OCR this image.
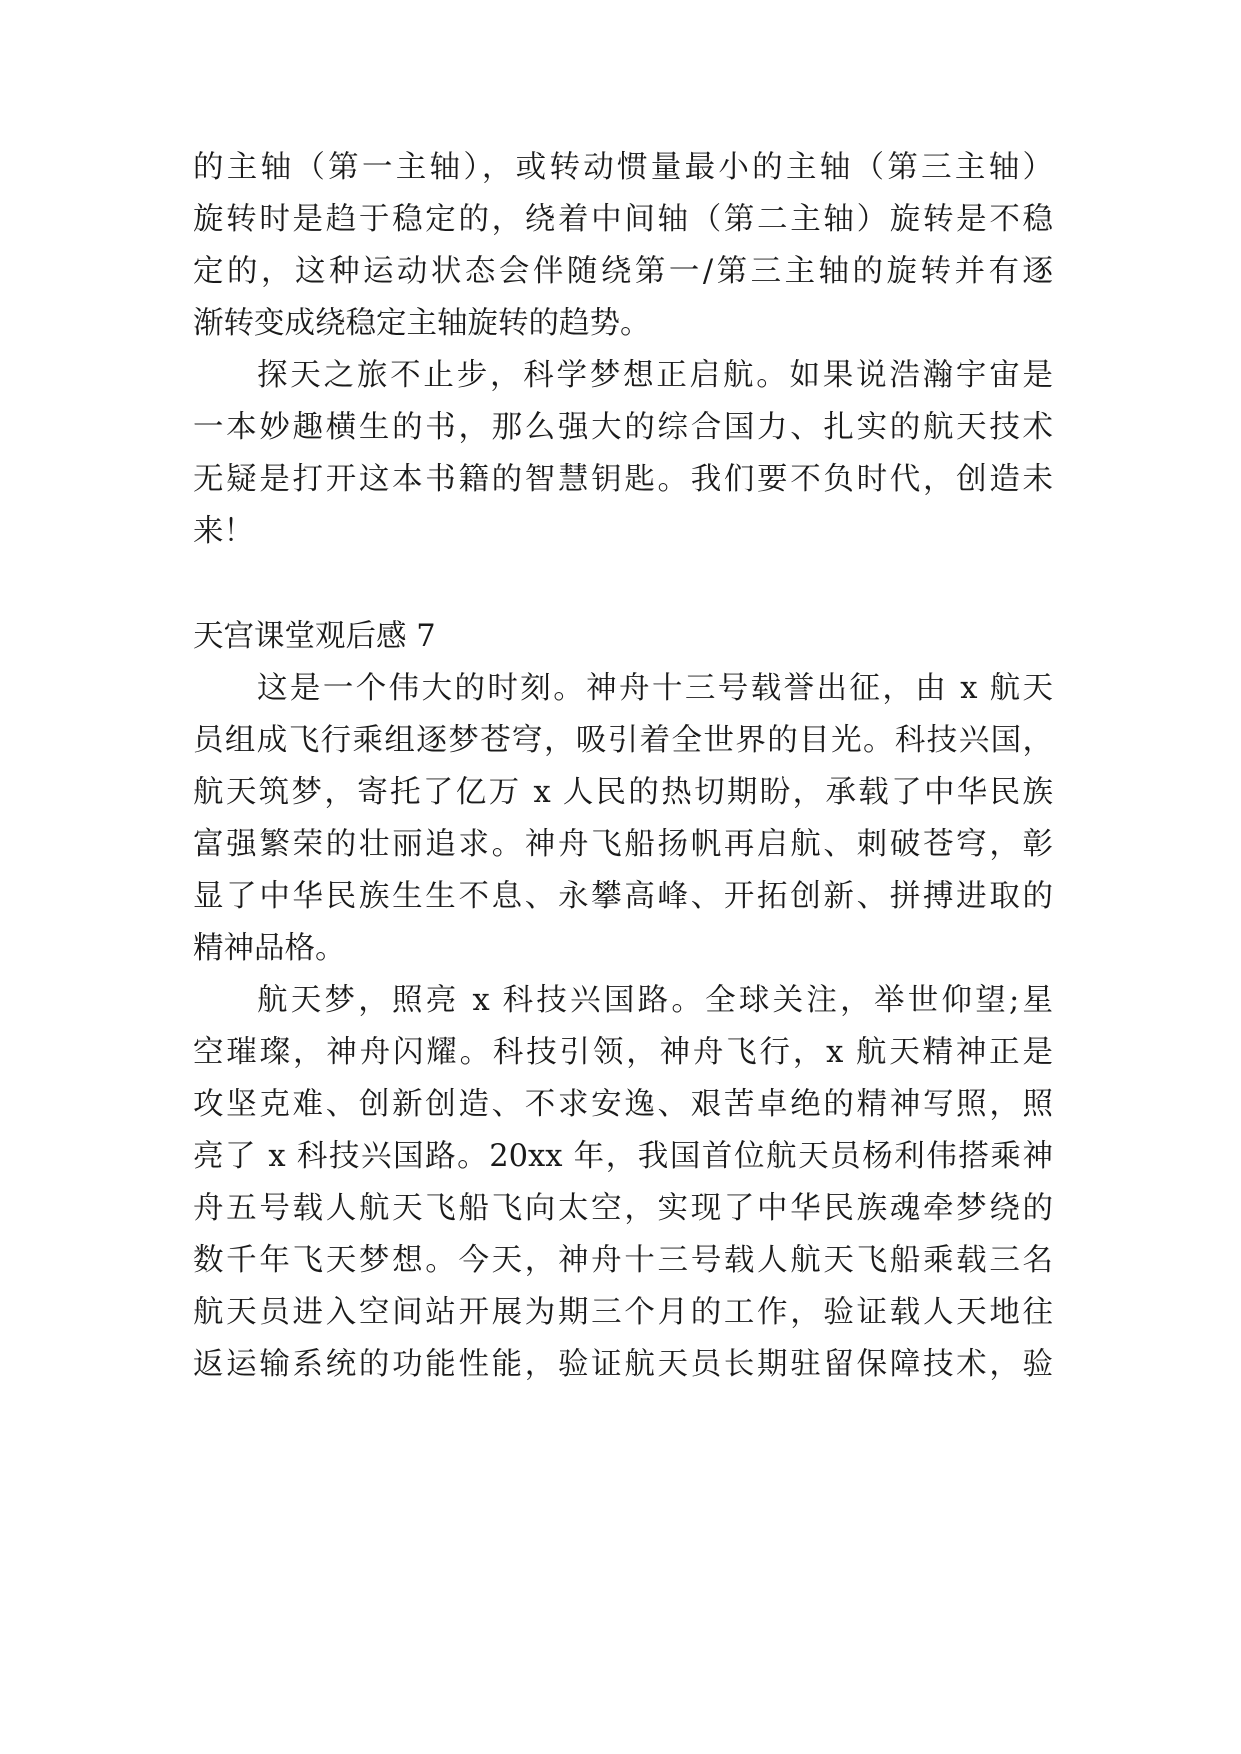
的主轴（第一主轴），或转动惯量最小的主轴（第三主轴）
旋转时是趋于稳定的，绕着中间轴（第二主轴）旋转是不稳
定的，这种运动状态会伴随绕第一/第三主轴的旋转并有逐
渐转变成绕稳定主轴旋转的趋势。
探天之旅不止步，科学梦想正启航。如果说浩瀚宇宙是
一本妙趣横生的书，那么强大的综合国力、扎实的航天技术
无疑是打开这本书籍的智慧钥匙。我们要不负时代，创造未
来！
天宫课堂观后感 7
这是一个伟大的时刻。神舟十三号载誉出征，由 x 航天
员组成飞行乘组逐梦苍穹，吸引着全世界的目光。科技兴国，
航天筑梦，寄托了亿万 x 人民的热切期盼，承载了中华民族
富强繁荣的壮丽追求。神舟飞船扬帆再启航、刺破苍穹，彰
显了中华民族生生不息、永攀高峰、开拓创新、拼搏进取的
精神品格。
航天梦，照亮 x 科技兴国路。全球关注，举世仰望;星
空璀璨，神舟闪耀。科技引领，神舟飞行，x 航天精神正是
攻坚克难、创新创造、不求安逸、艰苦卓绝的精神写照，照
亮了 x 科技兴国路。20xx 年，我国首位航天员杨利伟搭乘神
舟五号载人航天飞船飞向太空，实现了中华民族魂牵梦绕的
数千年飞天梦想。今天，神舟十三号载人航天飞船乘载三名
航天员进入空间站开展为期三个月的工作，验证载人天地往
返运输系统的功能性能，验证航天员长期驻留保障技术，验
